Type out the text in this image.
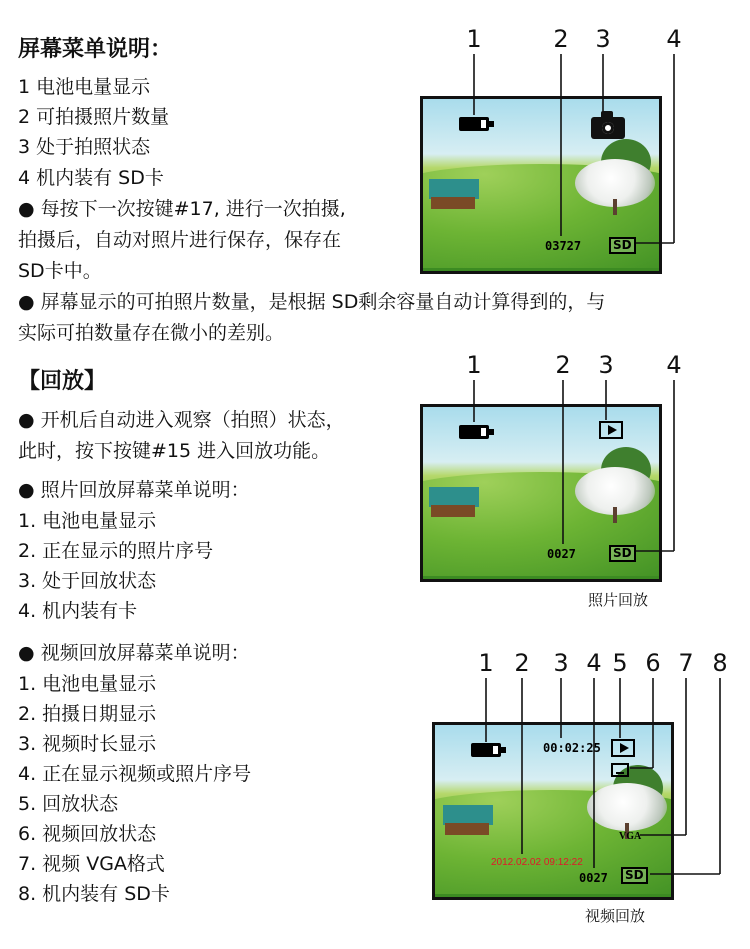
屏幕菜单说明：
1 电池电量显示
2 可拍摄照片数量
3 处于拍照状态
4 机内装有 SD卡
● 每按下一次按键#17, 进行一次拍摄,
拍摄后，自动对照片进行保存，保存在
SD卡中。
● 屏幕显示的可拍照片数量，是根据 SD剩余容量自动计算得到的，与
实际可拍数量存在微小的差别。
1	2 3 4
03727	SD
【回放】
● 开机后自动进入观察（拍照）状态，
此时，按下按键#15 进入回放功能。
● 照片回放屏幕菜单说明：
1. 电池电量显示
2. 正在显示的照片序号
3. 处于回放状态
4. 机内装有卡
● 视频回放屏幕菜单说明：
1. 电池电量显示
2. 拍摄日期显示
3. 视频时长显示
4. 正在显示视频或照片序号
5. 回放状态
6. 视频回放状态
7. 视频 VGA格式
8. 机内装有 SD卡
1	2 3 4
0027	SD
照片回放
1 2 3 4 5 6 7 8
00:02:25
VGA
2012.02.02 09:12:22
0027	SD
视频回放
